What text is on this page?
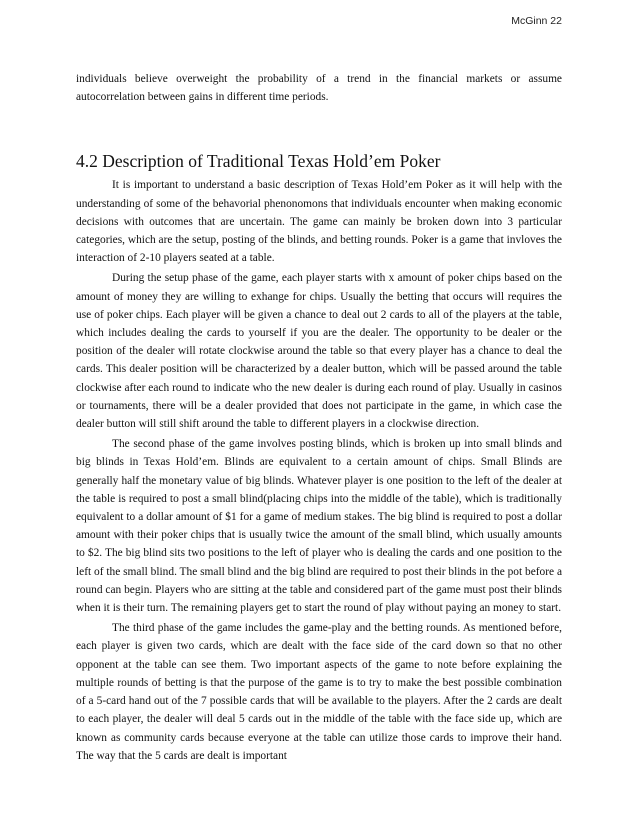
McGinn 22

individuals believe overweight the probability of a trend in the financial markets or assume autocorrelation between gains in different time periods.

4.2 Description of Traditional Texas Hold’em Poker

It is important to understand a basic description of Texas Hold’em Poker as it will help with the understanding of some of the behavorial phenonomons that individuals encounter when making economic decisions with outcomes that are uncertain. The game can mainly be broken down into 3 particular categories, which are the setup, posting of the blinds, and betting rounds. Poker is a game that invloves the interaction of 2-10 players seated at a table.

During the setup phase of the game, each player starts with x amount of poker chips based on the amount of money they are willing to exhange for chips. Usually the betting that occurs will requires the use of poker chips. Each player will be given a chance to deal out 2 cards to all of the players at the table, which includes dealing the cards to yourself if you are the dealer. The opportunity to be dealer or the position of the dealer will rotate clockwise around the table so that every player has a chance to deal the cards. This dealer position will be characterized by a dealer button, which will be passed around the table clockwise after each round to indicate who the new dealer is during each round of play. Usually in casinos or tournaments, there will be a dealer provided that does not participate in the game, in which case the dealer button will still shift around the table to different players in a clockwise direction.

The second phase of the game involves posting blinds, which is broken up into small blinds and big blinds in Texas Hold’em. Blinds are equivalent to a certain amount of chips. Small Blinds are generally half the monetary value of big blinds. Whatever player is one position to the left of the dealer at the table is required to post a small blind(placing chips into the middle of the table), which is traditionally equivalent to a dollar amount of $1 for a game of medium stakes. The big blind is required to post a dollar amount with their poker chips that is usually twice the amount of the small blind, which usually amounts to $2. The big blind sits two positions to the left of player who is dealing the cards and one position to the left of the small blind. The small blind and the big blind are required to post their blinds in the pot before a round can begin. Players who are sitting at the table and considered part of the game must post their blinds when it is their turn. The remaining players get to start the round of play without paying an money to start.

The third phase of the game includes the game-play and the betting rounds. As mentioned before, each player is given two cards, which are dealt with the face side of the card down so that no other opponent at the table can see them. Two important aspects of the game to note before explaining the multiple rounds of betting is that the purpose of the game is to try to make the best possible combination of a 5-card hand out of the 7 possible cards that will be available to the players. After the 2 cards are dealt to each player, the dealer will deal 5 cards out in the middle of the table with the face side up, which are known as community cards because everyone at the table can utilize those cards to improve their hand. The way that the 5 cards are dealt is important
